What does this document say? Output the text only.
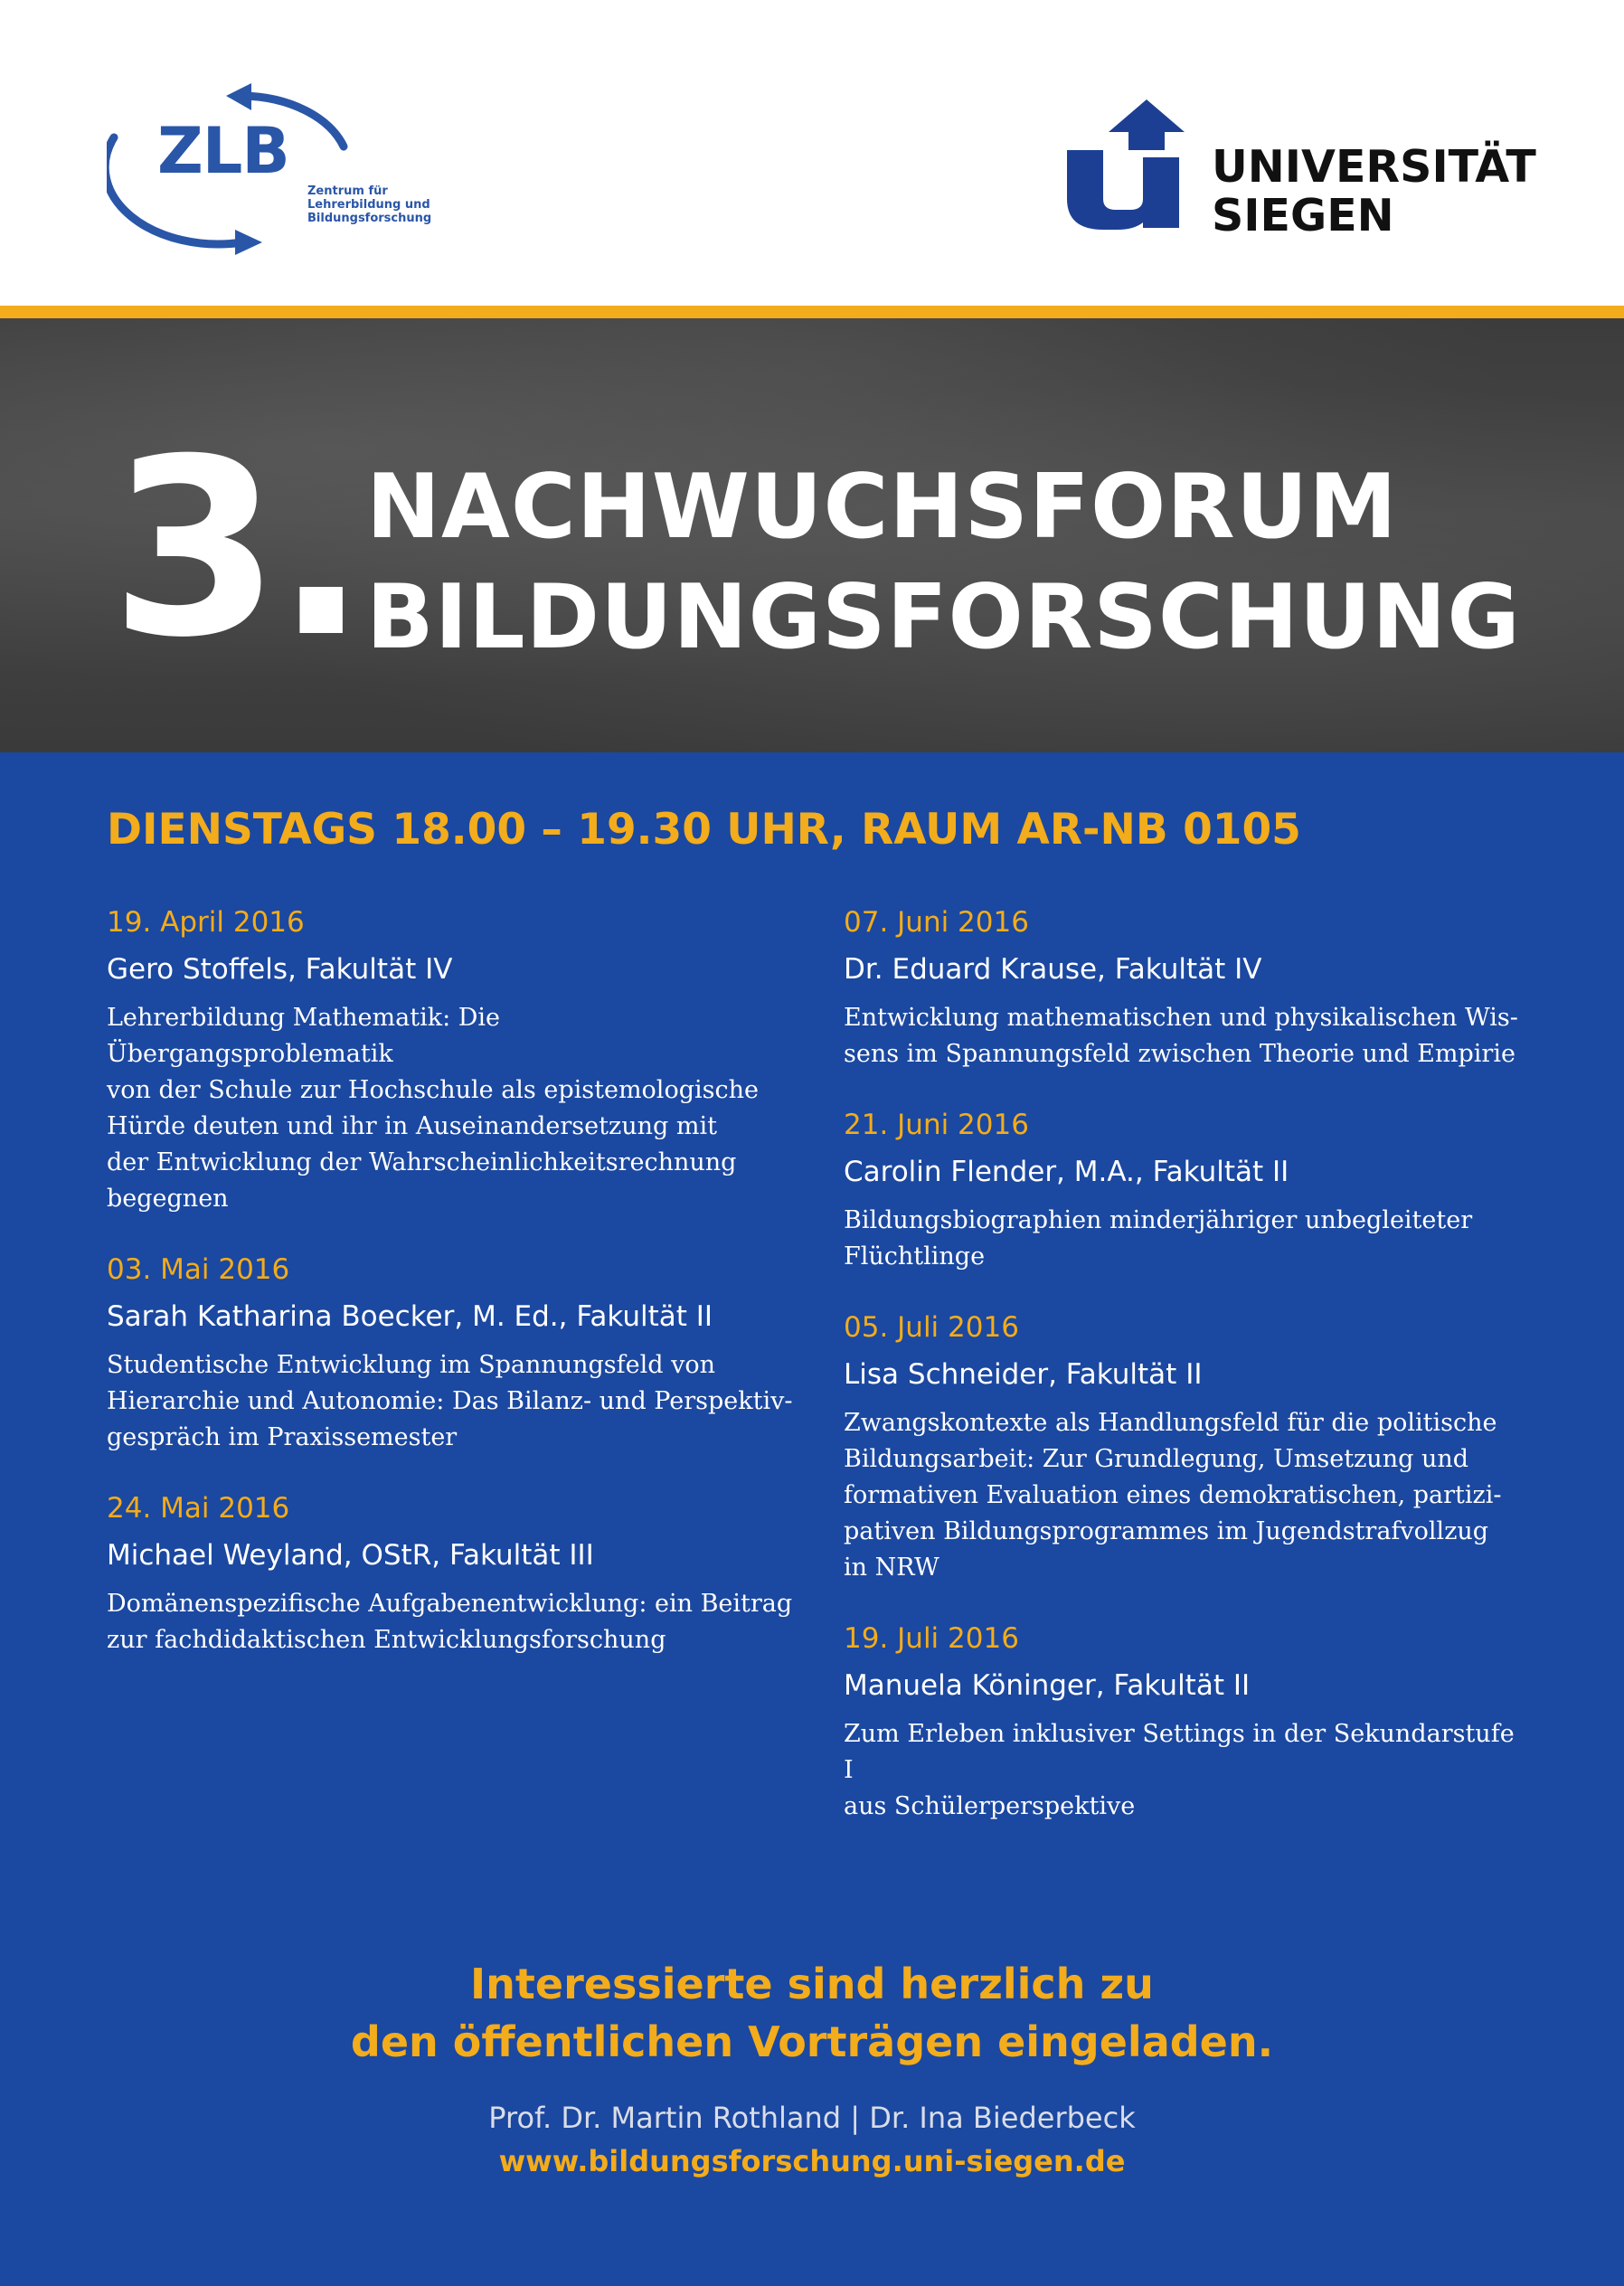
ZLB
Zentrum für
Lehrerbildung und
Bildungsforschung
UNIVERSITÄT
SIEGEN
3. NACHWUCHSFORUM
BILDUNGSFORSCHUNG
DIENSTAGS 18.00 – 19.30 UHR, RAUM AR-NB 0105
19. April 2016
Gero Stoffels, Fakultät IV
Lehrerbildung Mathematik: Die Übergangsproblematik
von der Schule zur Hochschule als epistemologische
Hürde deuten und ihr in Auseinandersetzung mit
der Entwicklung der Wahrscheinlichkeitsrechnung
begegnen
03. Mai 2016
Sarah Katharina Boecker, M. Ed., Fakultät II
Studentische Entwicklung im Spannungsfeld von
Hierarchie und Autonomie: Das Bilanz- und Perspektiv-
gespräch im Praxissemester
24. Mai 2016
Michael Weyland, OStR, Fakultät III
Domänenspezifische Aufgabenentwicklung: ein Beitrag
zur fachdidaktischen Entwicklungsforschung
07. Juni 2016
Dr. Eduard Krause, Fakultät IV
Entwicklung mathematischen und physikalischen Wis-
sens im Spannungsfeld zwischen Theorie und Empirie
21. Juni 2016
Carolin Flender, M.A., Fakultät II
Bildungsbiographien minderjähriger unbegleiteter
Flüchtlinge
05. Juli 2016
Lisa Schneider, Fakultät II
Zwangskontexte als Handlungsfeld für die politische
Bildungsarbeit: Zur Grundlegung, Umsetzung und
formativen Evaluation eines demokratischen, partizi-
pativen Bildungsprogrammes im Jugendstrafvollzug
in NRW
19. Juli 2016
Manuela Köninger, Fakultät II
Zum Erleben inklusiver Settings in der Sekundarstufe I
aus Schülerperspektive
Interessierte sind herzlich zu
den öffentlichen Vorträgen eingeladen.
Prof. Dr. Martin Rothland | Dr. Ina Biederbeck
www.bildungsforschung.uni-siegen.de
